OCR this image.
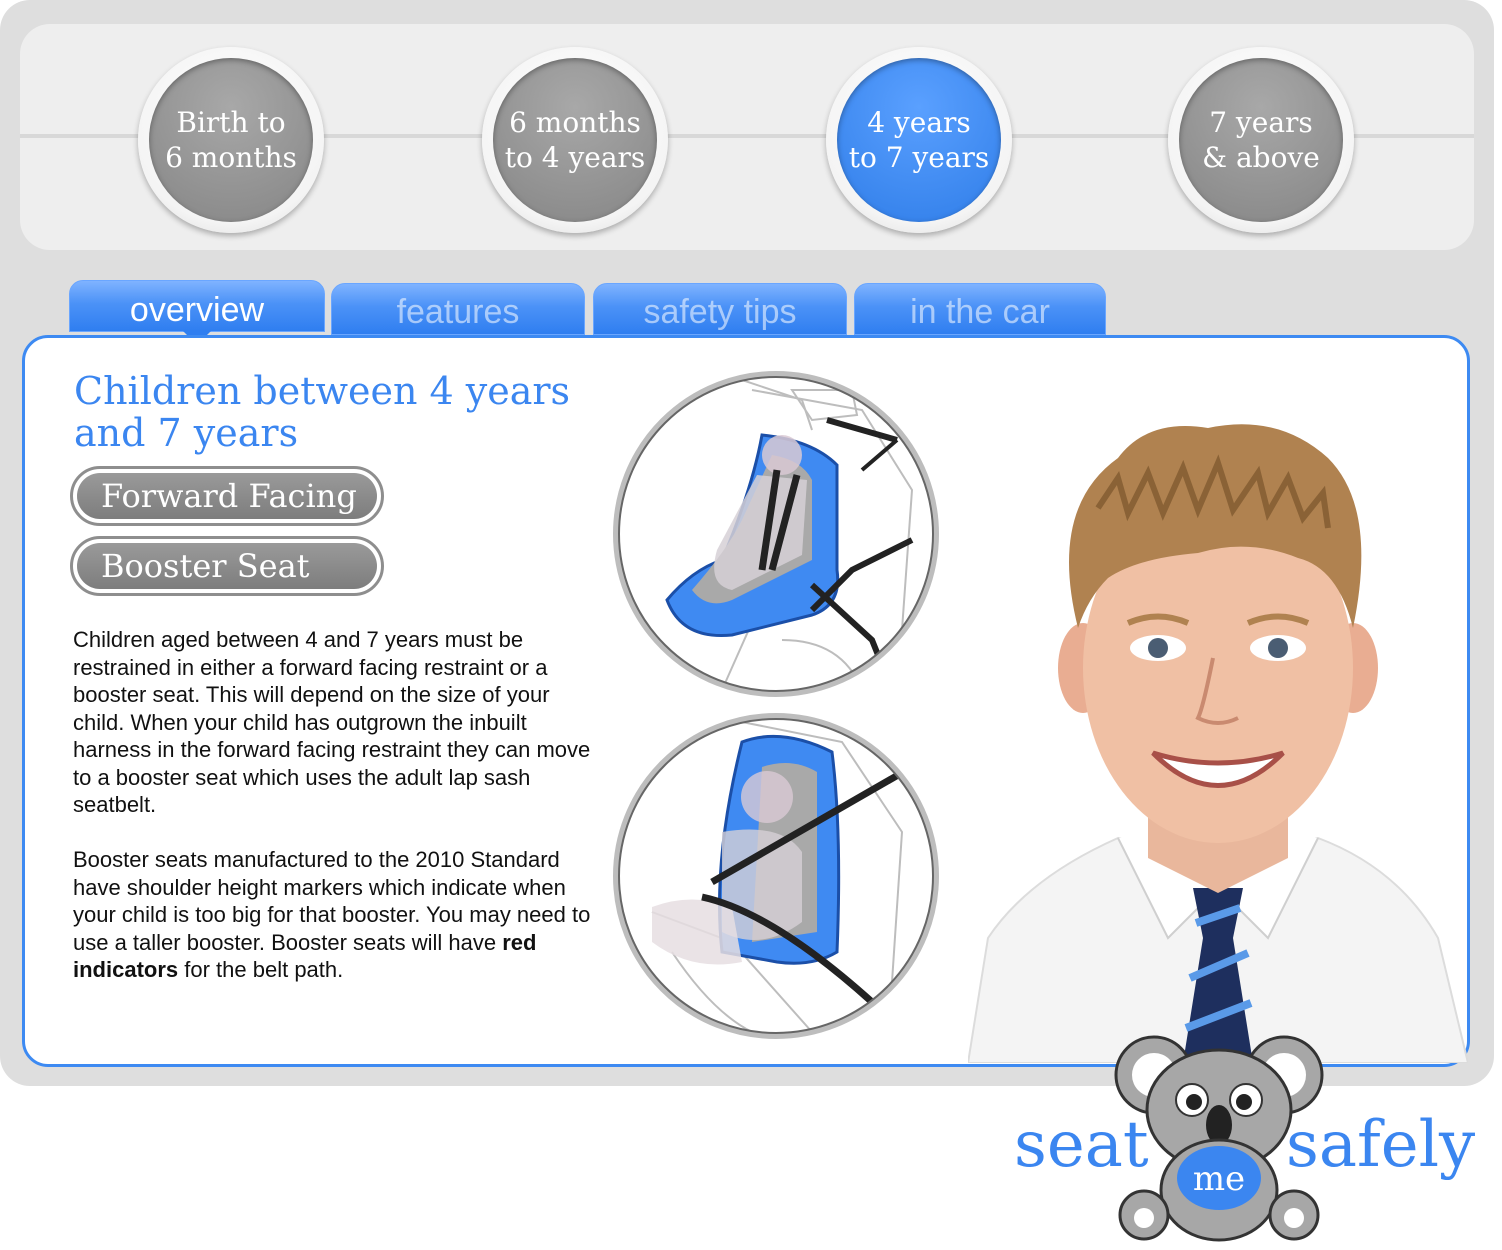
Birth to
6 months
6 months
to 4 years
4 years
to 7 years
7 years
& above
overview	features	safety tips	in the car
Children between 4 years
and 7 years
Forward Facing
Booster Seat
Children aged between 4 and 7 years must be restrained in either a forward facing restraint or a booster seat. This will depend on the size of your child. When your child has outgrown the inbuilt harness in the forward facing restraint they can move to a booster seat which uses the adult lap sash seatbelt.
Booster seats manufactured to the 2010 Standard have shoulder height markers which indicate when your child is too big for that booster. You may need to use a taller booster. Booster seats will have red indicators for the belt path.
seat safely
me
